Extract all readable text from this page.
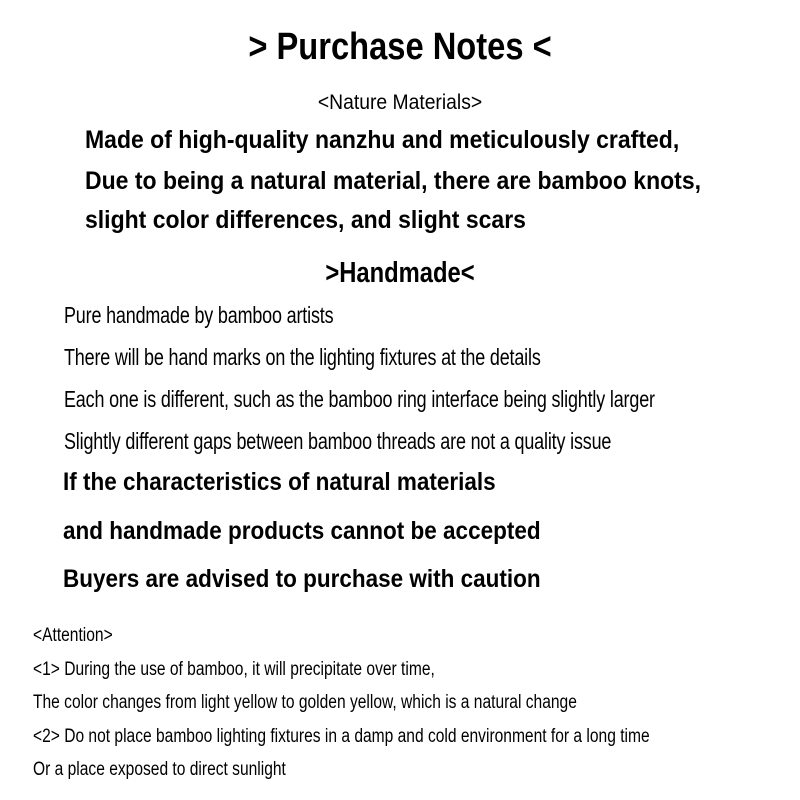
> Purchase Notes <
<Nature Materials>
Made of high-quality nanzhu and meticulously crafted,
Due to being a natural material, there are bamboo knots,
slight color differences, and slight scars
>Handmade<
Pure handmade by bamboo artists
There will be hand marks on the lighting fixtures at the details
Each one is different, such as the bamboo ring interface being slightly larger
Slightly different gaps between bamboo threads are not a quality issue
If the characteristics of natural materials
and handmade products cannot be accepted
Buyers are advised to purchase with caution
<Attention>
<1> During the use of bamboo, it will precipitate over time,
The color changes from light yellow to golden yellow, which is a natural change
<2> Do not place bamboo lighting fixtures in a damp and cold environment for a long time
Or a place exposed to direct sunlight
